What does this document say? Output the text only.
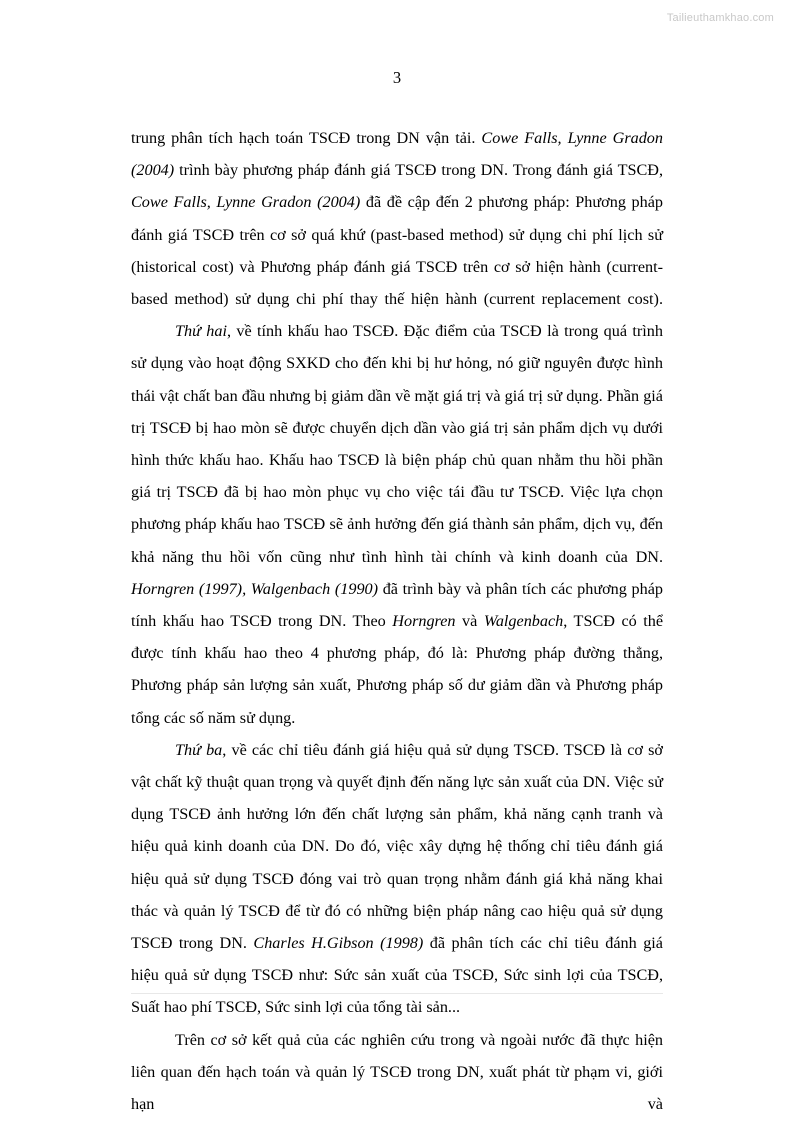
Tailieuthamkhao.com
3

trung phân tích hạch toán TSCĐ trong DN vận tải. Cowe Falls, Lynne Gradon (2004) trình bày phương pháp đánh giá TSCĐ trong DN. Trong đánh giá TSCĐ, Cowe Falls, Lynne Gradon (2004) đã đề cập đến 2 phương pháp: Phương pháp đánh giá TSCĐ trên cơ sở quá khứ (past-based method) sử dụng chi phí lịch sử (historical cost) và Phương pháp đánh giá TSCĐ trên cơ sở hiện hành (current-based method) sử dụng chi phí thay thế hiện hành (current replacement cost).

Thứ hai, về tính khấu hao TSCĐ. Đặc điểm của TSCĐ là trong quá trình sử dụng vào hoạt động SXKD cho đến khi bị hư hỏng, nó giữ nguyên được hình thái vật chất ban đầu nhưng bị giảm dần về mặt giá trị và giá trị sử dụng. Phần giá trị TSCĐ bị hao mòn sẽ được chuyển dịch dần vào giá trị sản phẩm dịch vụ dưới hình thức khấu hao. Khấu hao TSCĐ là biện pháp chủ quan nhằm thu hồi phần giá trị TSCĐ đã bị hao mòn phục vụ cho việc tái đầu tư TSCĐ. Việc lựa chọn phương pháp khấu hao TSCĐ sẽ ảnh hưởng đến giá thành sản phẩm, dịch vụ, đến khả năng thu hồi vốn cũng như tình hình tài chính và kinh doanh của DN. Horngren (1997), Walgenbach (1990) đã trình bày và phân tích các phương pháp tính khấu hao TSCĐ trong DN. Theo Horngren và Walgenbach, TSCĐ có thể được tính khấu hao theo 4 phương pháp, đó là: Phương pháp đường thẳng, Phương pháp sản lượng sản xuất, Phương pháp số dư giảm dần và Phương pháp tổng các số năm sử dụng.

Thứ ba, về các chỉ tiêu đánh giá hiệu quả sử dụng TSCĐ. TSCĐ là cơ sở vật chất kỹ thuật quan trọng và quyết định đến năng lực sản xuất của DN. Việc sử dụng TSCĐ ảnh hưởng lớn đến chất lượng sản phẩm, khả năng cạnh tranh và hiệu quả kinh doanh của DN. Do đó, việc xây dựng hệ thống chỉ tiêu đánh giá hiệu quả sử dụng TSCĐ đóng vai trò quan trọng nhằm đánh giá khả năng khai thác và quản lý TSCĐ để từ đó có những biện pháp nâng cao hiệu quả sử dụng TSCĐ trong DN. Charles H.Gibson (1998) đã phân tích các chỉ tiêu đánh giá hiệu quả sử dụng TSCĐ như: Sức sản xuất của TSCĐ, Sức sinh lợi của TSCĐ, Suất hao phí TSCĐ, Sức sinh lợi của tổng tài sản...

Trên cơ sở kết quả của các nghiên cứu trong và ngoài nước đã thực hiện liên quan đến hạch toán và quản lý TSCĐ trong DN, xuất phát từ phạm vi, giới hạn và
